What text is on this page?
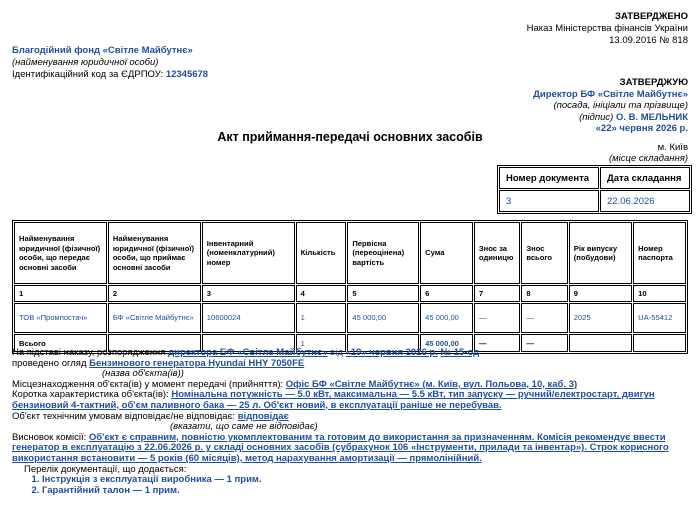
ЗАТВЕРДЖЕНО
Наказ Міністерства фінансів України
13.09.2016 № 818
Благодійний фонд «Світле Майбутнє»
(найменування юридичної особи)
Ідентифікаційний код за ЄДРПОУ: 12345678
ЗАТВЕРДЖУЮ
Директор БФ «Світле Майбутнє»
(посада, ініціали та прізвище)
(підпис) О. В. МЕЛЬНИК
«22» червня 2026 р.
Акт приймання-передачі основних засобів
м. Київ
(місце складання)
Номер документа	Дата складання
3	22.06.2026
Найменування юридичної (фізичної) особи, що передає основні засоби	Найменування юридичної (фізичної) особи, що приймає основні засоби	Інвентарний (номенклатурний) номер	Кількість	Первісна (переоцінена) вартість	Сума	Знос за одиницю	Знос всього	Рік випуску (побудови)	Номер паспорта
1	2	3	4	5	6	7	8	9	10
ТОВ «Промпостач»	БФ «Світле Майбутнє»	10600024	1	45 000,00	45 000,00	—	—	2025	UA-55412
Всього			1		45 000,00	—	—		

На підставі наказу, розпорядження директора БФ «Світле Майбутнє» від «19» червня 2026 р. № 15-од

проведено огляд Бензинового генератора Hyundai HHY 7050FE

(назва об'єкта(ів))

Місцезнаходження об'єкта(ів) у момент передачі (прийняття): Офіс БФ «Світле Майбутнє» (м. Київ, вул. Польова, 10, каб. 3)

Коротка характеристика об'єкта(ів): Номінальна потужність — 5.0 кВт, максимальна — 5.5 кВт, тип запуску — ручний/електростарт, двигун

бензиновий 4-тактний, об'єм паливного бака — 25 л. Об'єкт новий, в експлуатації раніше не перебував.

Об'єкт технічним умовам відповідає/не відповідає: відповідає

(вказати, що саме не відповідає)

Висновок комісії: Об'єкт є справним, повністю укомплектованим та готовим до використання за призначенням. Комісія рекомендує ввести

генератор в експлуатацію з 22.06.2026 р. у складі основних засобів (субрахунок 106 «Інструменти, прилади та інвентар»). Строк корисного

використання встановити — 5 років (60 місяців), метод нарахування амортизації — прямолінійний.

Перелік документації, що додається:

1. Інструкція з експлуатації виробника — 1 прим.
2. Гарантійний талон — 1 прим.
